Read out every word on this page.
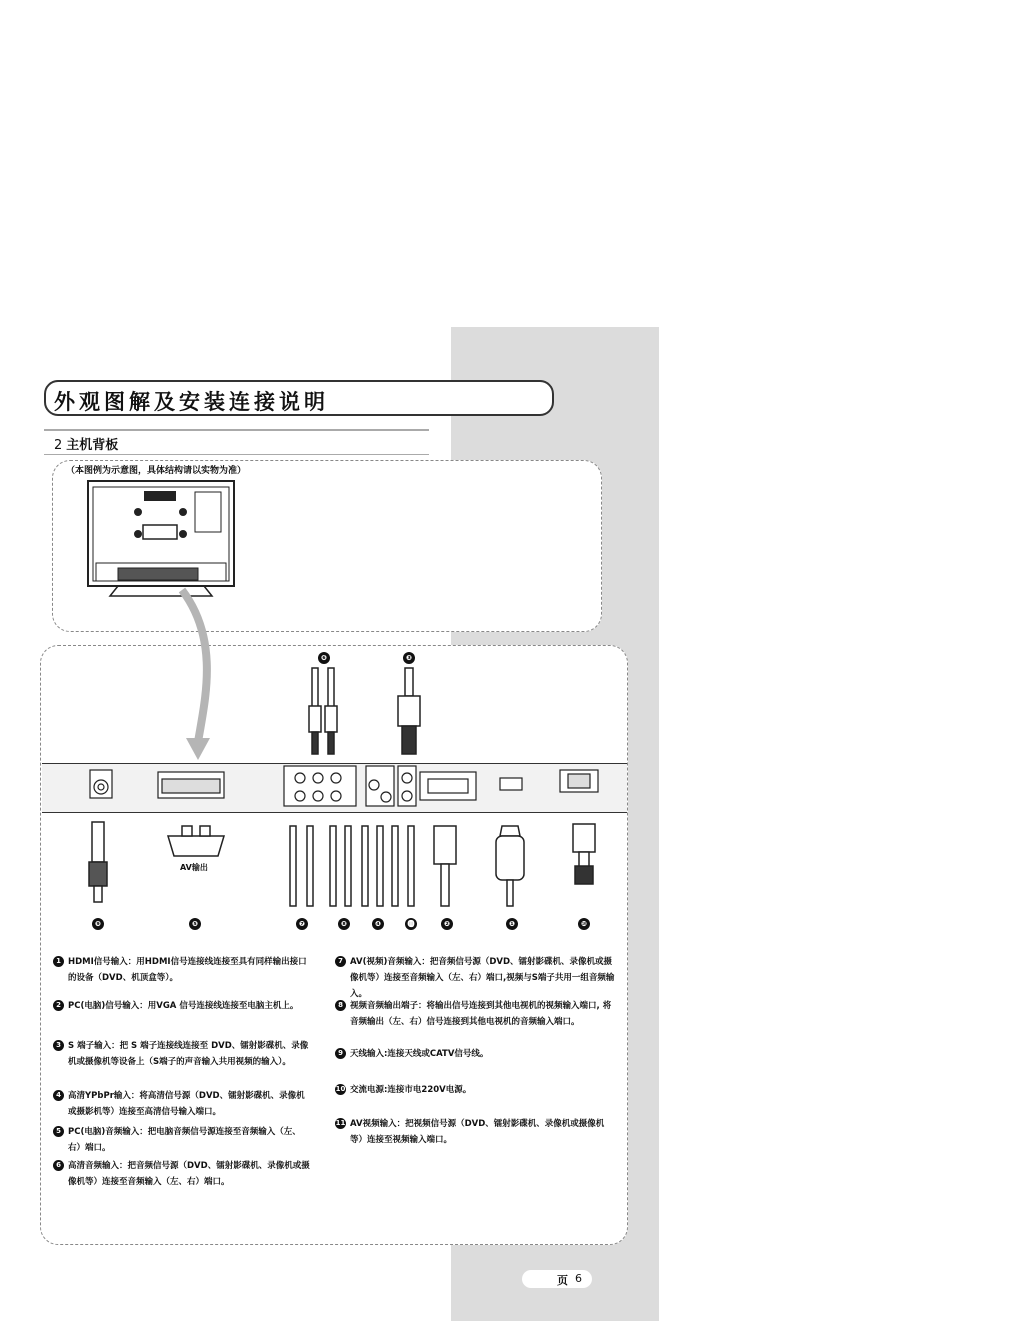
外观图解及安装连接说明
2 主机背板
（本图例为示意图，具体结构请以实物为准）
AV输出
❻	❸
❾	❺	❼	❽	❹	⓫	❷	❶	❿
1 HDMI信号输入：用HDMI信号连接线连接至具有同样输出接口的设备（DVD、机顶盒等）。
2 PC(电脑)信号输入：用VGA 信号连接线连接至电脑主机上。
3 S 端子输入：把 S 端子连接线连接至 DVD、镭射影碟机、录像机或摄像机等设备上（S端子的声音输入共用视频的输入）。
4 高清YPbPr输入：将高清信号源（DVD、镭射影碟机、录像机或摄影机等）连接至高清信号输入端口。
5 PC(电脑)音频输入：把电脑音频信号源连接至音频输入（左、右）端口。
6 高清音频输入：把音频信号源（DVD、镭射影碟机、录像机或摄像机等）连接至音频输入（左、右）端口。
7 AV(视频)音频输入：把音频信号源（DVD、镭射影碟机、录像机或摄像机等）连接至音频输入（左、右）端口,视频与S端子共用一组音频输入。
8 视频音频输出端子：将输出信号连接到其他电视机的视频输入端口, 将音频输出（左、右）信号连接到其他电视机的音频输入端口。
9 天线输入:连接天线或CATV信号线。
10 交流电源:连接市电220V电源。
11 AV视频输入：把视频信号源（DVD、镭射影碟机、录像机或摄像机等）连接至视频输入端口。
页 6
